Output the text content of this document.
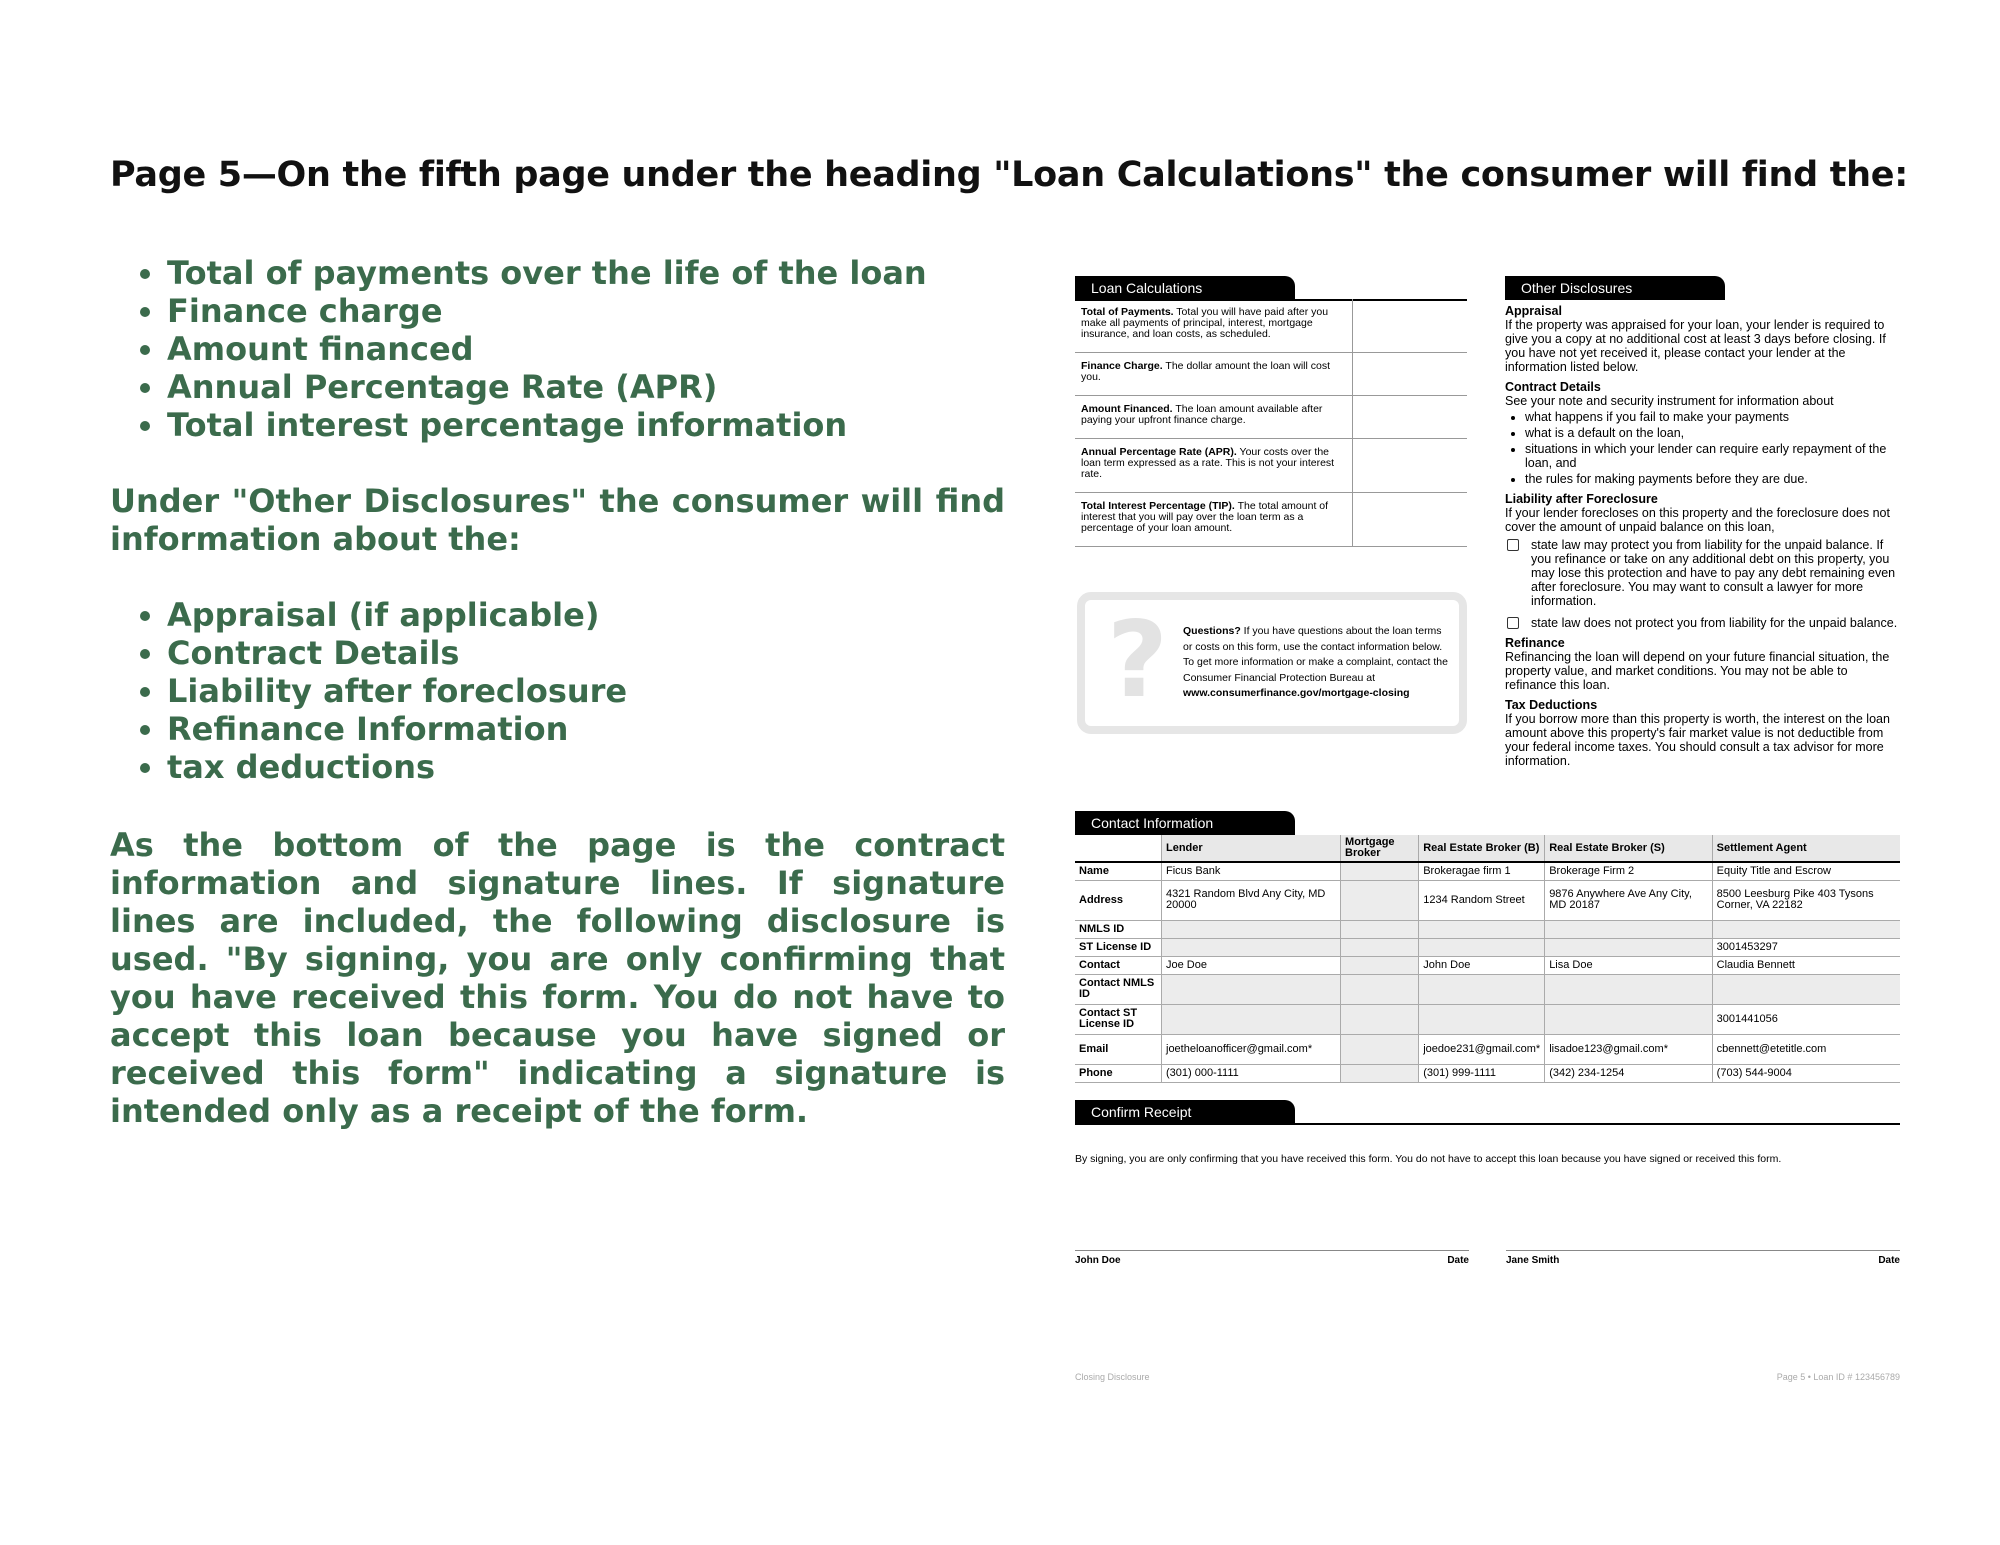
Page 5—On the fifth page under the heading "Loan Calculations" the consumer will find the:
• Total of payments over the life of the loan
• Finance charge
• Amount financed
• Annual Percentage Rate (APR)
• Total interest percentage information
Under "Other Disclosures" the consumer will find information about the:
• Appraisal (if applicable)
• Contract Details
• Liability after foreclosure
• Refinance Information
• tax deductions
As the bottom of the page is the contract information and signature lines. If signature lines are included, the following disclosure is used. "By signing, you are only confirming that you have received this form. You do not have to accept this loan because you have signed or received this form" indicating a signature is intended only as a receipt of the form.
Loan Calculations
Total of Payments. Total you will have paid after you make all payments of principal, interest, mortgage insurance, and loan costs, as scheduled.
Finance Charge. The dollar amount the loan will cost you.
Amount Financed. The loan amount available after paying your upfront finance charge.
Annual Percentage Rate (APR). Your costs over the loan term expressed as a rate. This is not your interest rate.
Total Interest Percentage (TIP). The total amount of interest that you will pay over the loan term as a percentage of your loan amount.
? Questions? If you have questions about the loan terms or costs on this form, use the contact information below. To get more information or make a complaint, contact the Consumer Financial Protection Bureau at
www.consumerfinance.gov/mortgage-closing
Other Disclosures
Appraisal

If the property was appraised for your loan, your lender is required to give you a copy at no additional cost at least 3 days before closing. If you have not yet received it, please contact your lender at the information listed below.

Contract Details

See your note and security instrument for information about

• what happens if you fail to make your payments
• what is a default on the loan,
• situations in which your lender can require early repayment of the loan, and
• the rules for making payments before they are due.
Liability after Foreclosure

If your lender forecloses on this property and the foreclosure does not cover the amount of unpaid balance on this loan,

state law may protect you from liability for the unpaid balance. If you refinance or take on any additional debt on this property, you may lose this protection and have to pay any debt remaining even after foreclosure. You may want to consult a lawyer for more information.
state law does not protect you from liability for the unpaid balance.
Refinance

Refinancing the loan will depend on your future financial situation, the property value, and market conditions. You may not be able to refinance this loan.

Tax Deductions

If you borrow more than this property is worth, the interest on the loan amount above this property's fair market value is not deductible from your federal income taxes. You should consult a tax advisor for more information.

Contact Information
	Lender	Mortgage Broker	Real Estate Broker (B)	Real Estate Broker (S)	Settlement Agent
Name	Ficus Bank		Brokeragae firm 1	Brokerage Firm 2	Equity Title and Escrow
Address	4321 Random Blvd Any City, MD 20000		1234 Random Street	9876 Anywhere Ave Any City, MD 20187	8500 Leesburg Pike 403 Tysons Corner, VA 22182
NMLS ID					
ST License ID					3001453297
Contact	Joe Doe		John Doe	Lisa Doe	Claudia Bennett
Contact NMLS ID					
Contact ST License ID					3001441056
Email	joetheloanofficer@gmail.com*		joedoe231@gmail.com*	lisadoe123@gmail.com*	cbennett@etetitle.com
Phone	(301) 000-1111		(301) 999-1111	(342) 234-1254	(703) 544-9004
Confirm Receipt
By signing, you are only confirming that you have received this form. You do not have to accept this loan because you have signed or received this form.
John Doe	Date	Jane Smith	Date
Closing Disclosure	Page 5 • Loan ID # 123456789
